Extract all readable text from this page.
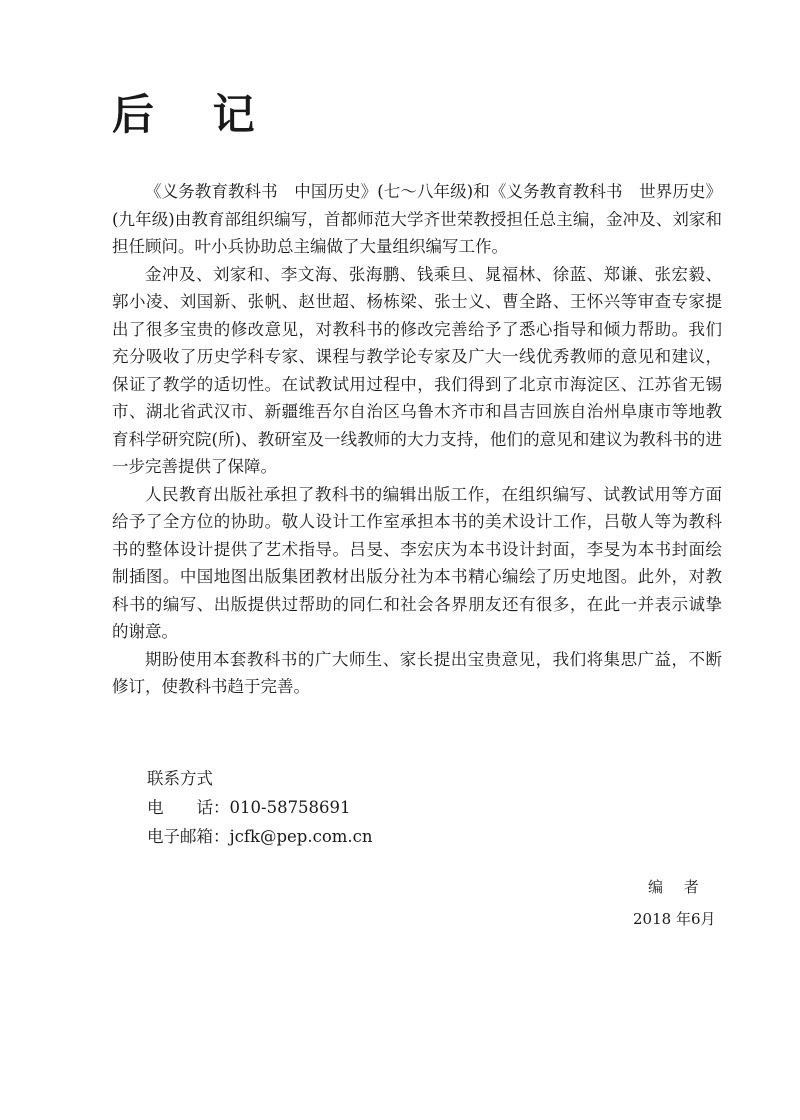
后 记

《义务教育教科书　中国历史》(七～八年级)和《义务教育教科书　世界历史》(九年级)由教育部组织编写，首都师范大学齐世荣教授担任总主编，金冲及、刘家和担任顾问。叶小兵协助总主编做了大量组织编写工作。

金冲及、刘家和、李文海、张海鹏、钱乘旦、晁福林、徐蓝、郑谦、张宏毅、郭小凌、刘国新、张帆、赵世超、杨栋梁、张士义、曹全路、王怀兴等审查专家提出了很多宝贵的修改意见，对教科书的修改完善给予了悉心指导和倾力帮助。我们充分吸收了历史学科专家、课程与教学论专家及广大一线优秀教师的意见和建议，保证了教学的适切性。在试教试用过程中，我们得到了北京市海淀区、江苏省无锡市、湖北省武汉市、新疆维吾尔自治区乌鲁木齐市和昌吉回族自治州阜康市等地教育科学研究院(所)、教研室及一线教师的大力支持，他们的意见和建议为教科书的进一步完善提供了保障。

人民教育出版社承担了教科书的编辑出版工作，在组织编写、试教试用等方面给予了全方位的协助。敬人设计工作室承担本书的美术设计工作，吕敬人等为教科书的整体设计提供了艺术指导。吕旻、李宏庆为本书设计封面，李旻为本书封面绘制插图。中国地图出版集团教材出版分社为本书精心编绘了历史地图。此外，对教科书的编写、出版提供过帮助的同仁和社会各界朋友还有很多，在此一并表示诚挚的谢意。

期盼使用本套教科书的广大师生、家长提出宝贵意见，我们将集思广益，不断修订，使教科书趋于完善。

联系方式
电　　话：010-58758691
电子邮箱：jcfk@pep.com.cn
编 者
2018 年6月
